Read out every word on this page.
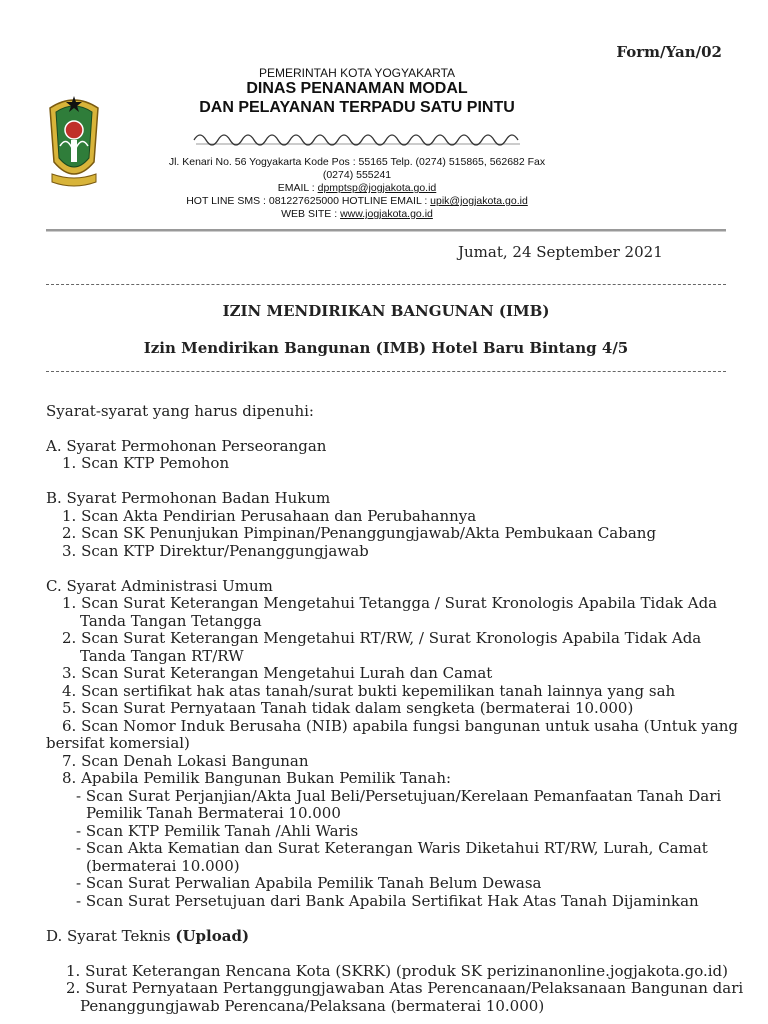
Form/Yan/02
PEMERINTAH KOTA YOGYAKARTA
DINAS PENANAMAN MODAL
DAN PELAYANAN TERPADU SATU PINTU
Jl. Kenari No. 56 Yogyakarta Kode Pos : 55165 Telp. (0274) 515865, 562682 Fax
(0274) 555241
EMAIL : dpmptsp@jogjakota.go.id
HOT LINE SMS : 081227625000 HOTLINE EMAIL : upik@jogjakota.go.id
WEB SITE : www.jogjakota.go.id
Jumat, 24 September 2021
IZIN MENDIRIKAN BANGUNAN (IMB)
Izin Mendirikan Bangunan (IMB) Hotel Baru Bintang 4/5
Syarat-syarat yang harus dipenuhi:
A. Syarat Permohonan Perseorangan
1. Scan KTP Pemohon
B. Syarat Permohonan Badan Hukum
1. Scan Akta Pendirian Perusahaan dan Perubahannya
2. Scan SK Penunjukan Pimpinan/Penanggungjawab/Akta Pembukaan Cabang
3. Scan KTP Direktur/Penanggungjawab
C. Syarat Administrasi Umum
1. Scan Surat Keterangan Mengetahui Tetangga / Surat Kronologis Apabila Tidak Ada
Tanda Tangan Tetangga
2. Scan Surat Keterangan Mengetahui RT/RW, / Surat Kronologis Apabila Tidak Ada
Tanda Tangan RT/RW
3. Scan Surat Keterangan Mengetahui Lurah dan Camat
4. Scan sertifikat hak atas tanah/surat bukti kepemilikan tanah lainnya yang sah
5. Scan Surat Pernyataan Tanah tidak dalam sengketa (bermaterai 10.000)
6. Scan Nomor Induk Berusaha (NIB) apabila fungsi bangunan untuk usaha (Untuk yang
bersifat komersial)
7. Scan Denah Lokasi Bangunan
8. Apabila Pemilik Bangunan Bukan Pemilik Tanah:
- Scan Surat Perjanjian/Akta Jual Beli/Persetujuan/Kerelaan Pemanfaatan Tanah Dari
Pemilik Tanah Bermaterai 10.000
- Scan KTP Pemilik Tanah /Ahli Waris
- Scan Akta Kematian dan Surat Keterangan Waris Diketahui RT/RW, Lurah, Camat
(bermaterai 10.000)
- Scan Surat Perwalian Apabila Pemilik Tanah Belum Dewasa
- Scan Surat Persetujuan dari Bank Apabila Sertifikat Hak Atas Tanah Dijaminkan
D. Syarat Teknis (Upload)
1. Surat Keterangan Rencana Kota (SKRK) (produk SK perizinanonline.jogjakota.go.id)
2. Surat Pernyataan Pertanggungjawaban Atas Perencanaan/Pelaksanaan Bangunan dari
Penanggungjawab Perencana/Pelaksana (bermaterai 10.000)
